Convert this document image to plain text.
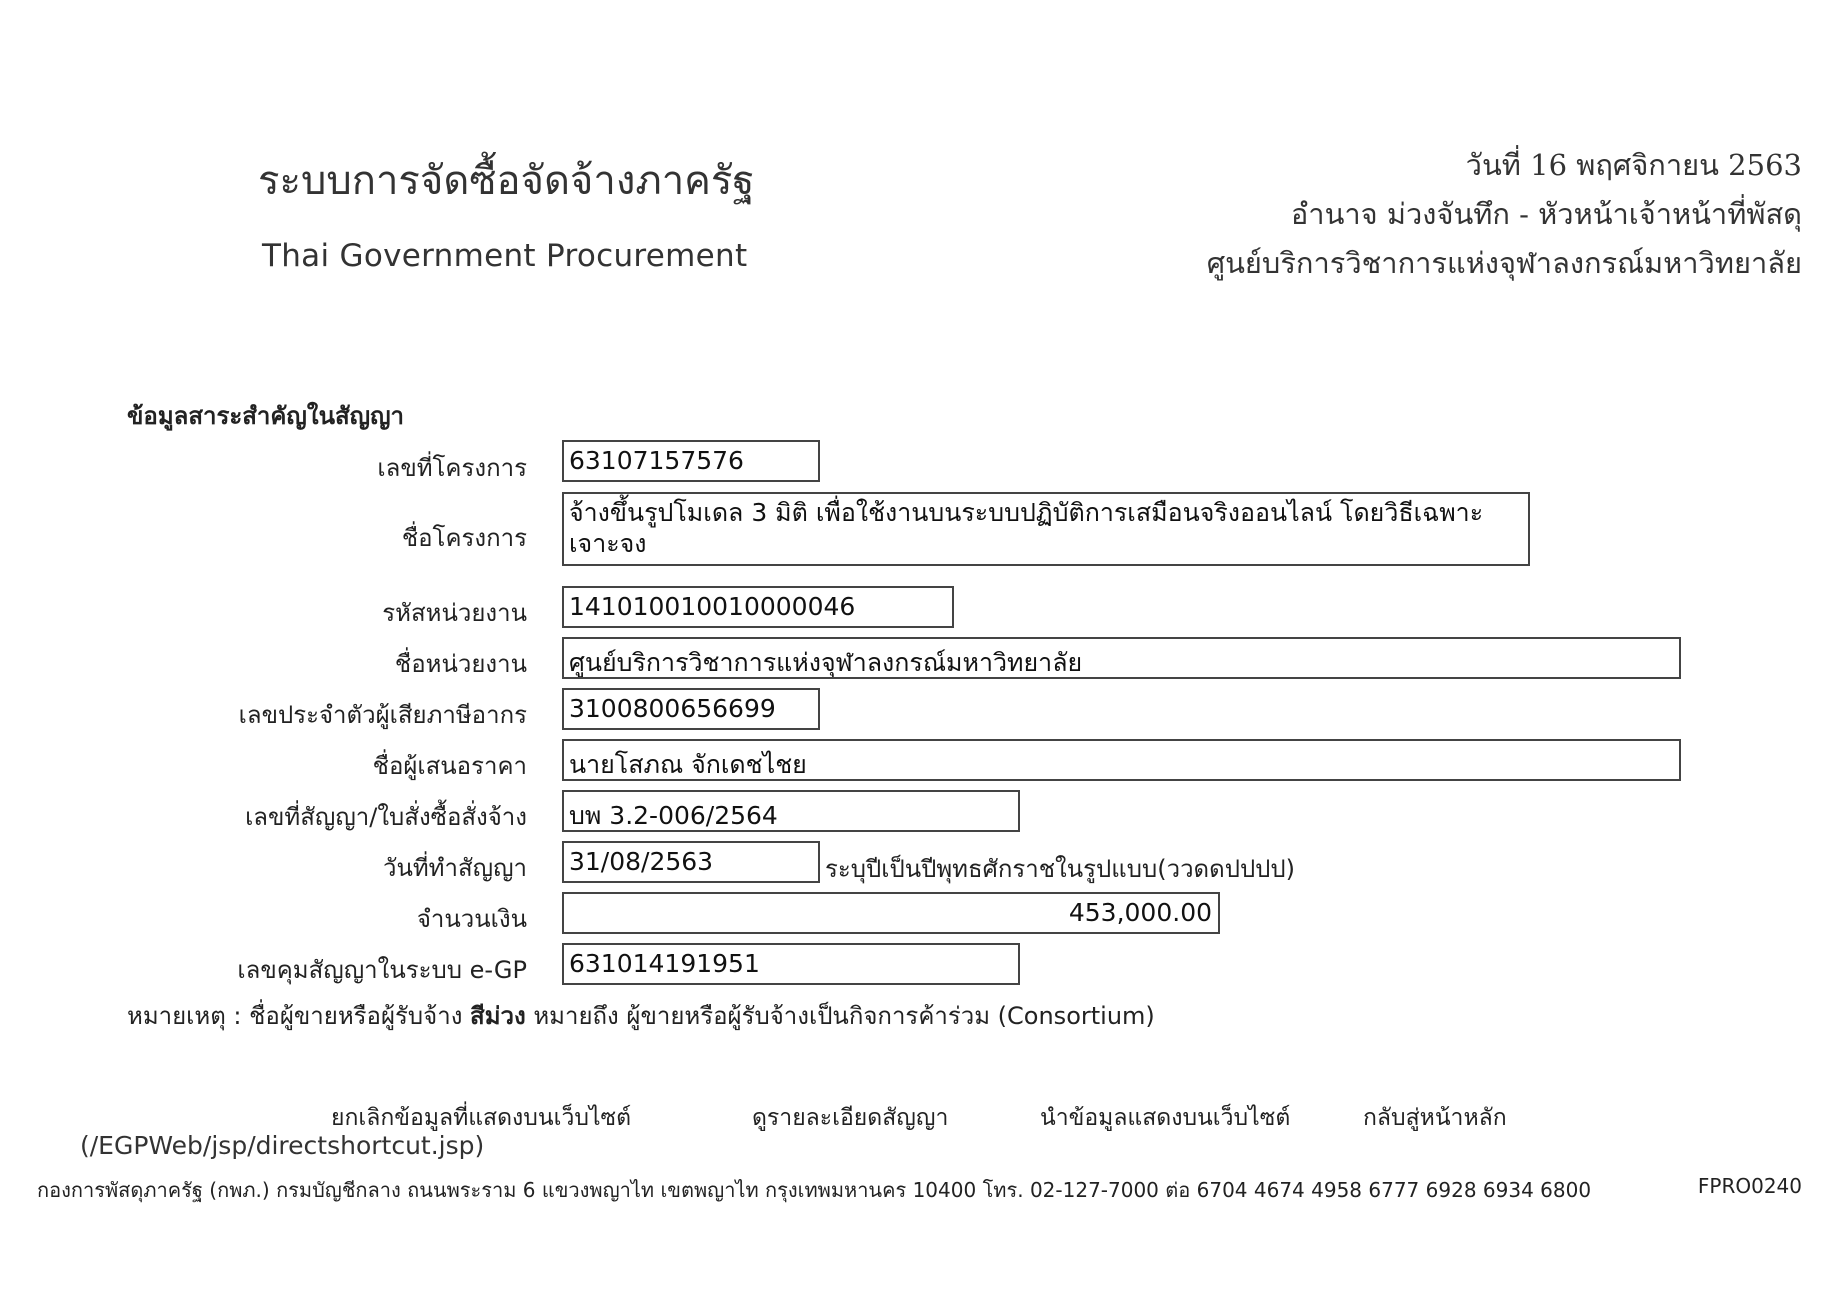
ระบบการจัดซื้อจัดจ้างภาครัฐ
Thai Government Procurement
วันที่ 16 พฤศจิกายน 2563
อำนาจ ม่วงจันทึก - หัวหน้าเจ้าหน้าที่พัสดุ
ศูนย์บริการวิชาการแห่งจุฬาลงกรณ์มหาวิทยาลัย
ข้อมูลสาระสำคัญในสัญญา
เลขที่โครงการ 63107157576
ชื่อโครงการ
จ้างขึ้นรูปโมเดล 3 มิติ เพื่อใช้งานบนระบบปฏิบัติการเสมือนจริงออนไลน์ โดยวิธีเฉพาะเจาะจง
รหัสหน่วยงาน 141010010010000046
ชื่อหน่วยงาน ศูนย์บริการวิชาการแห่งจุฬาลงกรณ์มหาวิทยาลัย
เลขประจำตัวผู้เสียภาษีอากร 3100800656699
ชื่อผู้เสนอราคา นายโสภณ จักเดชไชย
เลขที่สัญญา/ใบสั่งซื้อสั่งจ้าง บพ 3.2-006/2564
วันที่ทำสัญญา 31/08/2563	ระบุปีเป็นปีพุทธศักราชในรูปแบบ(ววดดปปปป)
จำนวนเงิน	453,000.00
เลขคุมสัญญาในระบบ e-GP 631014191951
หมายเหตุ : ชื่อผู้ขายหรือผู้รับจ้าง สีม่วง หมายถึง ผู้ขายหรือผู้รับจ้างเป็นกิจการค้าร่วม (Consortium)
ยกเลิกข้อมูลที่แสดงบนเว็บไซต์	ดูรายละเอียดสัญญา	นำข้อมูลแสดงบนเว็บไซต์	กลับสู่หน้าหลัก
(/EGPWeb/jsp/directshortcut.jsp)
กองการพัสดุภาครัฐ (กพภ.) กรมบัญชีกลาง ถนนพระราม 6 แขวงพญาไท เขตพญาไท กรุงเทพมหานคร 10400 โทร. 02-127-7000 ต่อ 6704 4674 4958 6777 6928 6934 6800	FPRO0240
